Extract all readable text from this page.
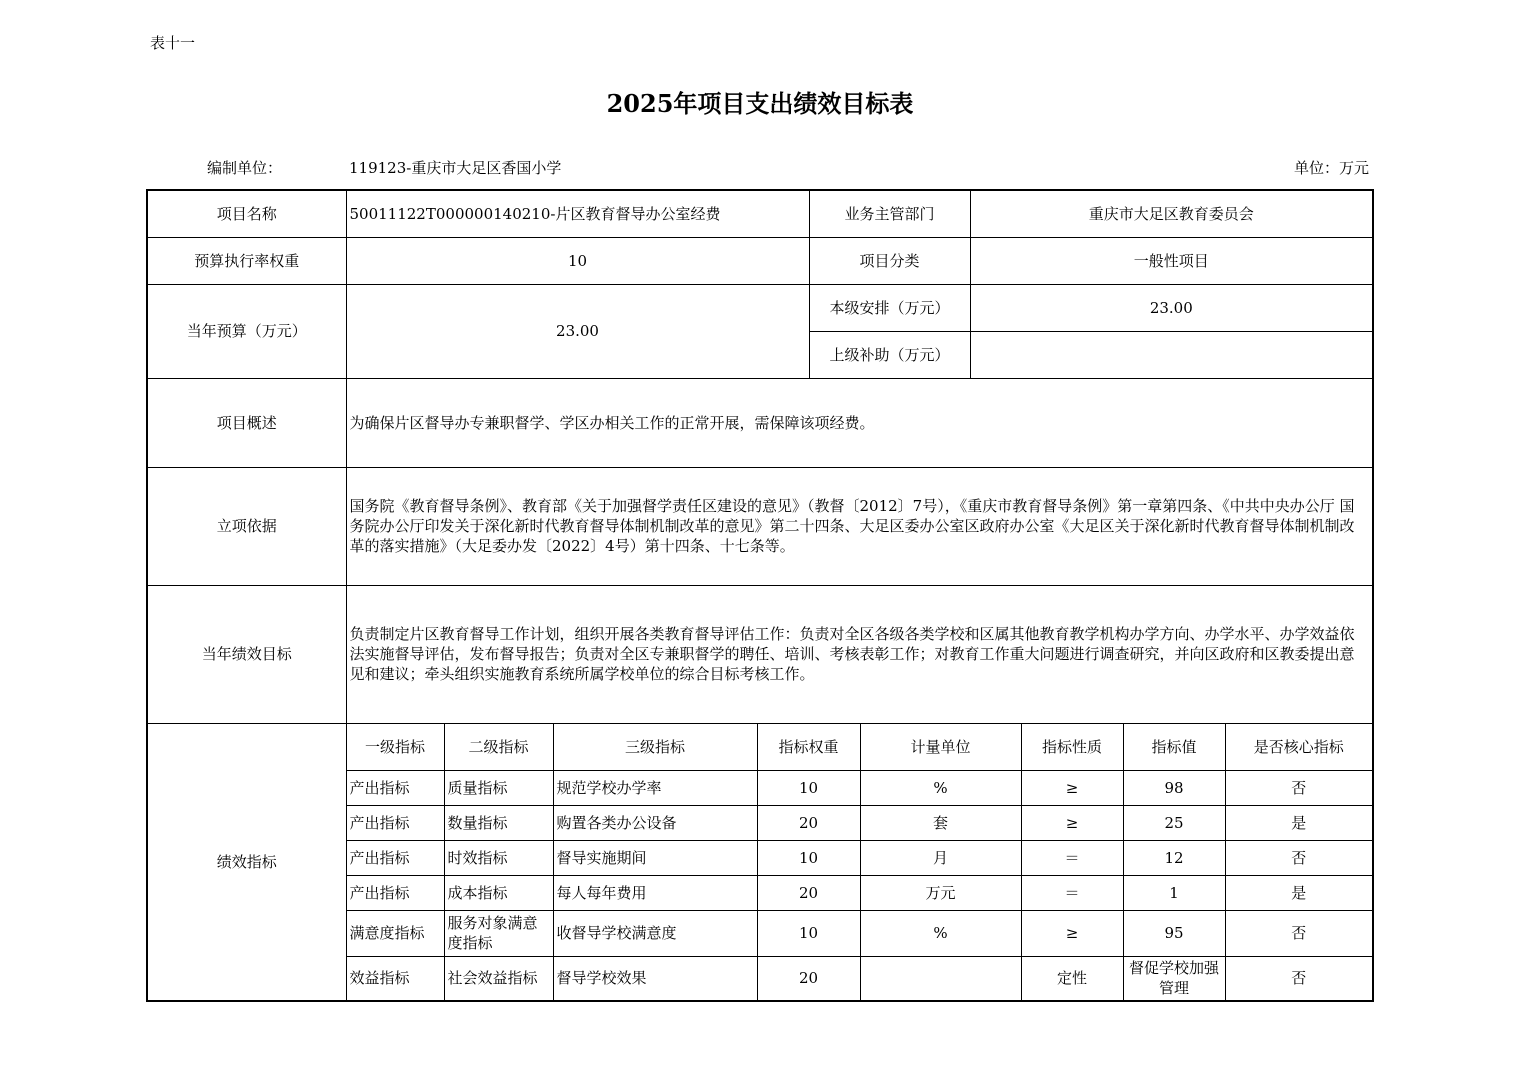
表十一
2025年项目支出绩效目标表
编制单位：	119123-重庆市大足区香国小学	单位：万元
项目名称	50011122T000000140210-片区教育督导办公室经费				业务主管部门		重庆市大足区教育委员会			
预算执行率权重	10				项目分类		一般性项目			
当年预算（万元）	23.00				本级安排（万元）		23.00			
					上级补助（万元）					
项目概述	为确保片区督导办专兼职督学、学区办相关工作的正常开展，需保障该项经费。									
立项依据	国务院《教育督导条例》、教育部《关于加强督学责任区建设的意见》（教督〔2012〕7号），《重庆市教育督导条例》第一章第四条、《中共中央办公厅 国务院办公厅印发关于深化新时代教育督导体制机制改革的意见》第二十四条、大足区委办公室区政府办公室《大足区关于深化新时代教育督导体制机制改革的落实措施》（大足委办发〔2022〕4号）第十四条、十七条等。									
当年绩效目标	负责制定片区教育督导工作计划，组织开展各类教育督导评估工作：负责对全区各级各类学校和区属其他教育教学机构办学方向、办学水平、办学效益依法实施督导评估，发布督导报告；负责对全区专兼职督学的聘任、培训、考核表彰工作；对教育工作重大问题进行调查研究，并向区政府和区教委提出意见和建议；牵头组织实施教育系统所属学校单位的综合目标考核工作。									
绩效指标	一级指标	二级指标	三级指标	指标权重		计量单位		指标性质	指标值	是否核心指标
	产出指标	质量指标	规范学校办学率	10		%		≥	98	否
	产出指标	数量指标	购置各类办公设备	20		套		≥	25	是
	产出指标	时效指标	督导实施期间	10		月		＝	12	否
	产出指标	成本指标	每人每年费用	20		万元		＝	1	是
	满意度指标	服务对象满意度指标	收督导学校满意度	10		%		≥	95	否
	效益指标	社会效益指标	督导学校效果	20				定性	督促学校加强管理	否
